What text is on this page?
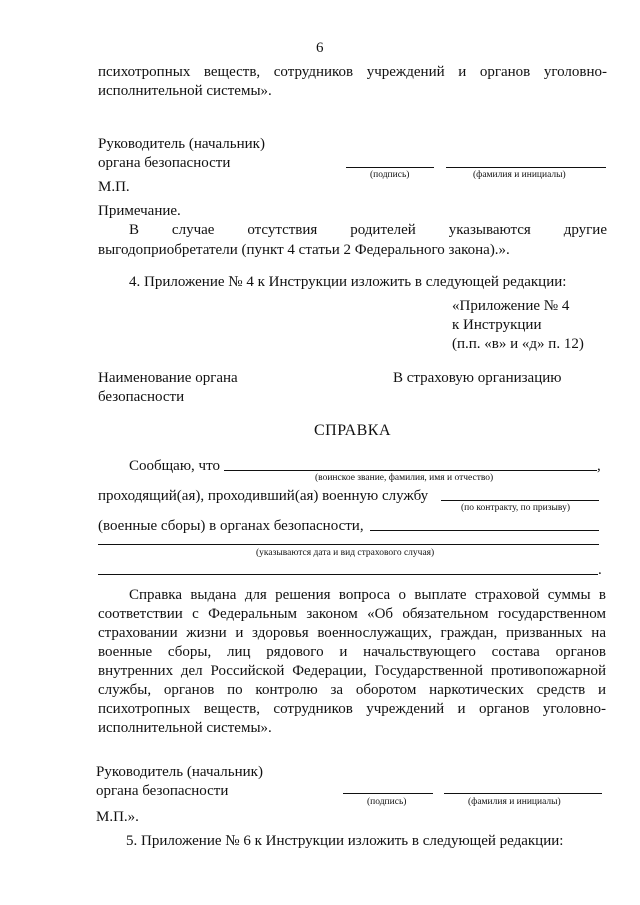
6
психотропных веществ, сотрудников учреждений и органов уголовно-
исполнительной системы».
Руководитель (начальник)
органа безопасности
(подпись)	(фамилия и инициалы)
М.П.
Примечание.
В случае отсутствия родителей указываются другие
выгодоприобретатели (пункт 4 статьи 2 Федерального закона).».
4. Приложение № 4 к Инструкции изложить в следующей редакции:
«Приложение № 4
к Инструкции
(п.п. «в» и «д» п. 12)
Наименование органа
безопасности
В страховую организацию
СПРАВКА
Сообщаю, что	,
(воинское звание, фамилия, имя и отчество)
проходящий(ая), проходивший(ая) военную службу
(по контракту, по призыву)
(военные сборы) в органах безопасности,
(указываются дата и вид страхового случая)
.
Справка выдана для решения вопроса о выплате страховой суммы в
соответствии с Федеральным законом «Об обязательном государственном
страховании жизни и здоровья военнослужащих, граждан, призванных на
военные сборы, лиц рядового и начальствующего состава органов
внутренних дел Российской Федерации, Государственной противопожарной
службы, органов по контролю за оборотом наркотических средств и
психотропных веществ, сотрудников учреждений и органов уголовно-
исполнительной системы».
Руководитель (начальник)
органа безопасности
(подпись)	(фамилия и инициалы)
М.П.».
5. Приложение № 6 к Инструкции изложить в следующей редакции:
